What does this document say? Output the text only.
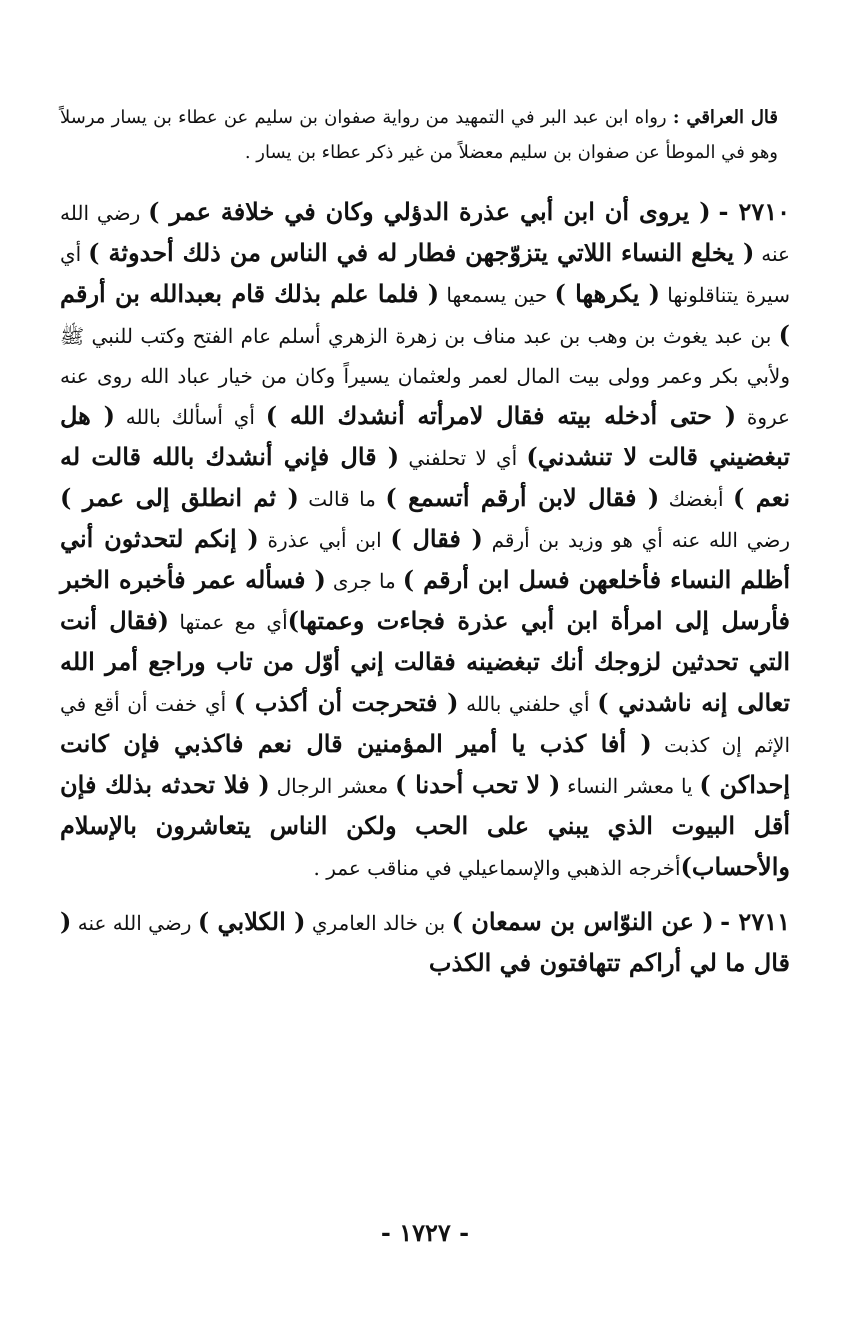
قال العراقي : رواه ابن عبد البر في التمهيد من رواية صفوان بن سليم عن عطاء بن يسار مرسلاً وهو في الموطأ عن صفوان بن سليم معضلاً من غير ذكر عطاء بن يسار .

٢٧١٠ - ( يروى أن ابن أبي عذرة الدؤلي وكان في خلافة عمر ) رضي الله عنه ( يخلع النساء اللاتي يتزوّجهن فطار له في الناس من ذلك أحدوثة ) أي سيرة يتناقلونها ( يكرهها ) حين يسمعها ( فلما علم بذلك قام بعبدالله بن أرقم ) بن عبد يغوث بن وهب بن عبد مناف بن زهرة الزهري أسلم عام الفتح وكتب للنبي ﷺ ولأبي بكر وعمر وولى بيت المال لعمر ولعثمان يسيراً وكان من خيار عباد الله روى عنه عروة ( حتى أدخله بيته فقال لامرأته أنشدك الله ) أي أسألك بالله ( هل تبغضيني قالت لا تنشدني) أي لا تحلفني ( قال فإني أنشدك بالله قالت له نعم ) أبغضك ( فقال لابن أرقم أتسمع ) ما قالت ( ثم انطلق إلى عمر ) رضي الله عنه أي هو وزيد بن أرقم ( فقال ) ابن أبي عذرة ( إنكم لتحدثون أني أظلم النساء فأخلعهن فسل ابن أرقم ) ما جرى ( فسأله عمر فأخبره الخبر فأرسل إلى امرأة ابن أبي عذرة فجاءت وعمتها)أي مع عمتها (فقال أنت التي تحدثين لزوجك أنك تبغضينه فقالت إني أوّل من تاب وراجع أمر الله تعالى إنه ناشدني ) أي حلفني بالله ( فتحرجت أن أكذب ) أي خفت أن أقع في الإثم إن كذبت ( أفا كذب يا أمير المؤمنين قال نعم فاكذبي فإن كانت إحداكن ) يا معشر النساء ( لا تحب أحدنا ) معشر الرجال ( فلا تحدثه بذلك فإن أقل البيوت الذي يبني على الحب ولكن الناس يتعاشرون بالإسلام والأحساب)أخرجه الذهبي والإسماعيلي في مناقب عمر .

٢٧١١ - ( عن النوّاس بن سمعان ) بن خالد العامري ( الكلابي ) رضي الله عنه ( قال ما لي أراكم تتهافتون في الكذب

- ١٧٢٧ -
